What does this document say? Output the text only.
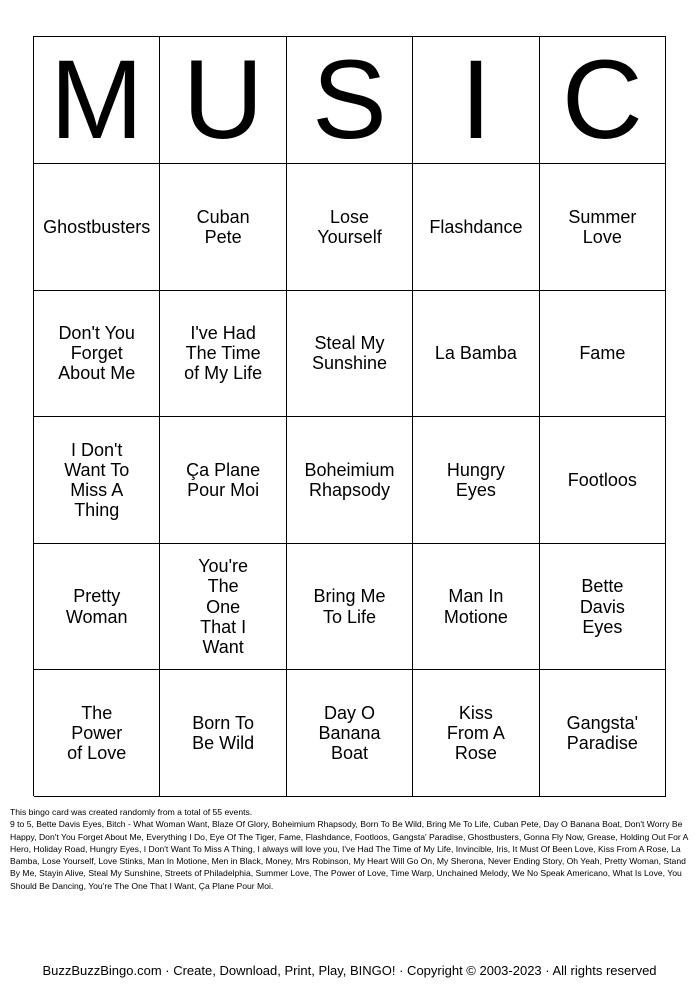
M U S I C
Ghostbusters
Cuban Pete
Lose Yourself
Flashdance
Summer Love
Don't You Forget About Me
I've Had The Time of My Life
Steal My Sunshine
La Bamba	Fame
I Don't Want To Miss A Thing
Ça Plane Pour Moi
Boheimium Rhapsody
Hungry Eyes
Footloos
Pretty Woman
You're The One That I Want
Bring Me To Life
Man In Motione
Bette Davis Eyes
The Power of Love
Born To Be Wild
Day O Banana Boat
Kiss From A Rose
Gangsta' Paradise

This bingo card was created randomly from a total of 55 events.
9 to 5, Bette Davis Eyes, Bitch - What Woman Want, Blaze Of Glory, Boheimium Rhapsody, Born To Be Wild, Bring Me To Life, Cuban Pete, Day O Banana Boat, Don't Worry Be Happy, Don't You Forget About Me, Everything I Do, Eye Of The Tiger, Fame, Flashdance, Footloos, Gangsta' Paradise, Ghostbusters, Gonna Fly Now, Grease, Holding Out For A Hero, Holiday Road, Hungry Eyes, I Don't Want To Miss A Thing, I always will love you, I've Had The Time of My Life, Invincible, Iris, It Must Of Been Love, Kiss From A Rose, La Bamba, Lose Yourself, Love Stinks, Man In Motione, Men in Black, Money, Mrs Robinson, My Heart Will Go On, My Sherona, Never Ending Story, Oh Yeah, Pretty Woman, Stand By Me, Stayin Alive, Steal My Sunshine, Streets of Philadelphia, Summer Love, The Power of Love, Time Warp, Unchained Melody, We No Speak Americano, What Is Love, You Should Be Dancing, You're The One That I Want, Ça Plane Pour Moi.

BuzzBuzzBingo.com · Create, Download, Print, Play, BINGO! · Copyright © 2003-2023 · All rights reserved
